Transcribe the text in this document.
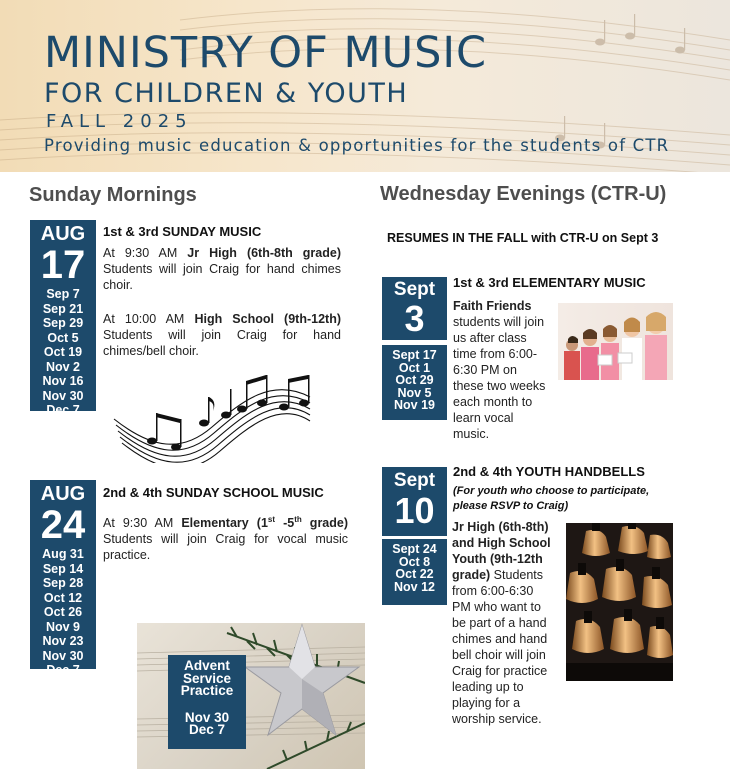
MINISTRY OF MUSIC
FOR CHILDREN & YOUTH
FALL 2025
Providing music education & opportunities for the students of CTR
Sunday Mornings
AUG
17
Sep 7
Sep 21
Sep 29
Oct 5
Oct 19
Nov 2
Nov 16
Nov 30
Dec 7
1st & 3rd SUNDAY MUSIC
At 9:30 AM Jr High (6th-8th grade) Students will join Craig for hand chimes choir.
At 10:00 AM High School (9th-12th) Students will join Craig for hand chimes/bell choir.
AUG
24
Aug 31
Sep 14
Sep 28
Oct 12
Oct 26
Nov 9
Nov 23
Nov 30
Dec 7
2nd & 4th SUNDAY SCHOOL MUSIC
At 9:30 AM Elementary (1st -5th grade) Students will join Craig for vocal music practice.
Advent
Service
Practice
Nov 30
Dec 7
Wednesday Evenings (CTR-U)
RESUMES IN THE FALL with CTR-U on Sept 3
Sept
3
Sept 17
Oct 1
Oct 29
Nov 5
Nov 19
1st & 3rd ELEMENTARY MUSIC
Faith Friends
students will join
us after class
time from 6:00-
6:30 PM on
these two weeks
each month to
learn vocal
music.
Sept
10
Sept 24
Oct 8
Oct 22
Nov 12
2nd & 4th YOUTH HANDBELLS
(For youth who choose to participate,
please RSVP to Craig)
Jr High (6th-8th)
and High School
Youth (9th-12th
grade) Students
from 6:00-6:30
PM who want to
be part of a hand
chimes and hand
bell choir will join
Craig for practice
leading up to
playing for a
worship service.
